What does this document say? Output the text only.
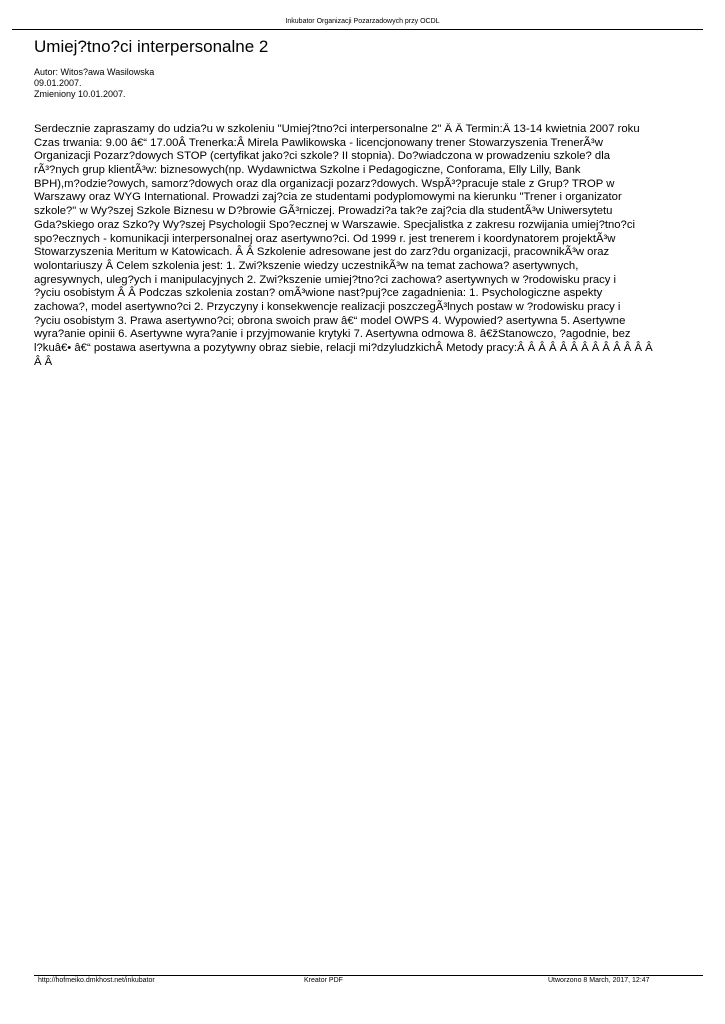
Inkubator Organizacji Pozarzadowych przy OCDL
Umiej?tno?ci interpersonalne 2
Autor: Witos?awa Wasilowska
09.01.2007.
Zmieniony 10.01.2007.
Serdecznie zapraszamy do udzia?u w szkoleniu "Umiej?tno?ci interpersonalne 2" Â Â Termin:Â 13-14 kwietnia 2007 roku
Czas trwania: 9.00 â€“ 17.00Â Trenerka:Â Mirela Pawlikowska - licencjonowany trener Stowarzyszenia TrenerÃ³w
Organizacji Pozarz?dowych STOP (certyfikat jako?ci szkole? II stopnia). Do?wiadczona w prowadzeniu szkole? dla
rÃ³?nych grup klientÃ³w: biznesowych(np. Wydawnictwa Szkolne i Pedagogiczne, Conforama, Elly Lilly, Bank
BPH),m?odzie?owych, samorz?dowych oraz dla organizacji pozarz?dowych. WspÃ³?pracuje stale z Grup? TROP w
Warszawy oraz WYG International. Prowadzi zaj?cia ze studentami podyplomowymi na kierunku "Trener i organizator
szkole?" w Wy?szej Szkole Biznesu w D?browie GÃ³rniczej. Prowadzi?a tak?e zaj?cia dla studentÃ³w Uniwersytetu
Gda?skiego oraz Szko?y Wy?szej Psychologii Spo?ecznej w Warszawie. Specjalistka z zakresu rozwijania umiej?tno?ci
spo?ecznych - komunikacji interpersonalnej oraz asertywno?ci. Od 1999 r. jest trenerem i koordynatorem projektÃ³w
Stowarzyszenia Meritum w Katowicach. Â Â Szkolenie adresowane jest do zarz?du organizacji, pracownikÃ³w oraz
wolontariuszy Â Celem szkolenia jest: 1. Zwi?kszenie wiedzy uczestnikÃ³w na temat zachowa? asertywnych,
agresywnych, uleg?ych i manipulacyjnych 2. Zwi?kszenie umiej?tno?ci zachowa? asertywnych w ?rodowisku pracy i
?yciu osobistym Â Â Podczas szkolenia zostan? omÃ³wione nast?puj?ce zagadnienia: 1. Psychologiczne aspekty
zachowa?, model asertywno?ci 2. Przyczyny i konsekwencje realizacji poszczegÃ³lnych postaw w ?rodowisku pracy i
?yciu osobistym 3. Prawa asertywno?ci; obrona swoich praw â€“ model OWPS 4. Wypowied? asertywna 5. Asertywne
wyra?anie opinii 6. Asertywne wyra?anie i przyjmowanie krytyki 7. Asertywna odmowa 8. â€žStanowczo, ?agodnie, bez
l?kuâ€• â€“ postawa asertywna a pozytywny obraz siebie, relacji mi?dzyludzkichÂ Metody pracy:Â Â Â Â Â Â Â Â Â Â Â Â Â
Â Â
http://hofmeiko.dmkhost.net/inkubator	Kreator PDF	Utworzono 8 March, 2017, 12:47
